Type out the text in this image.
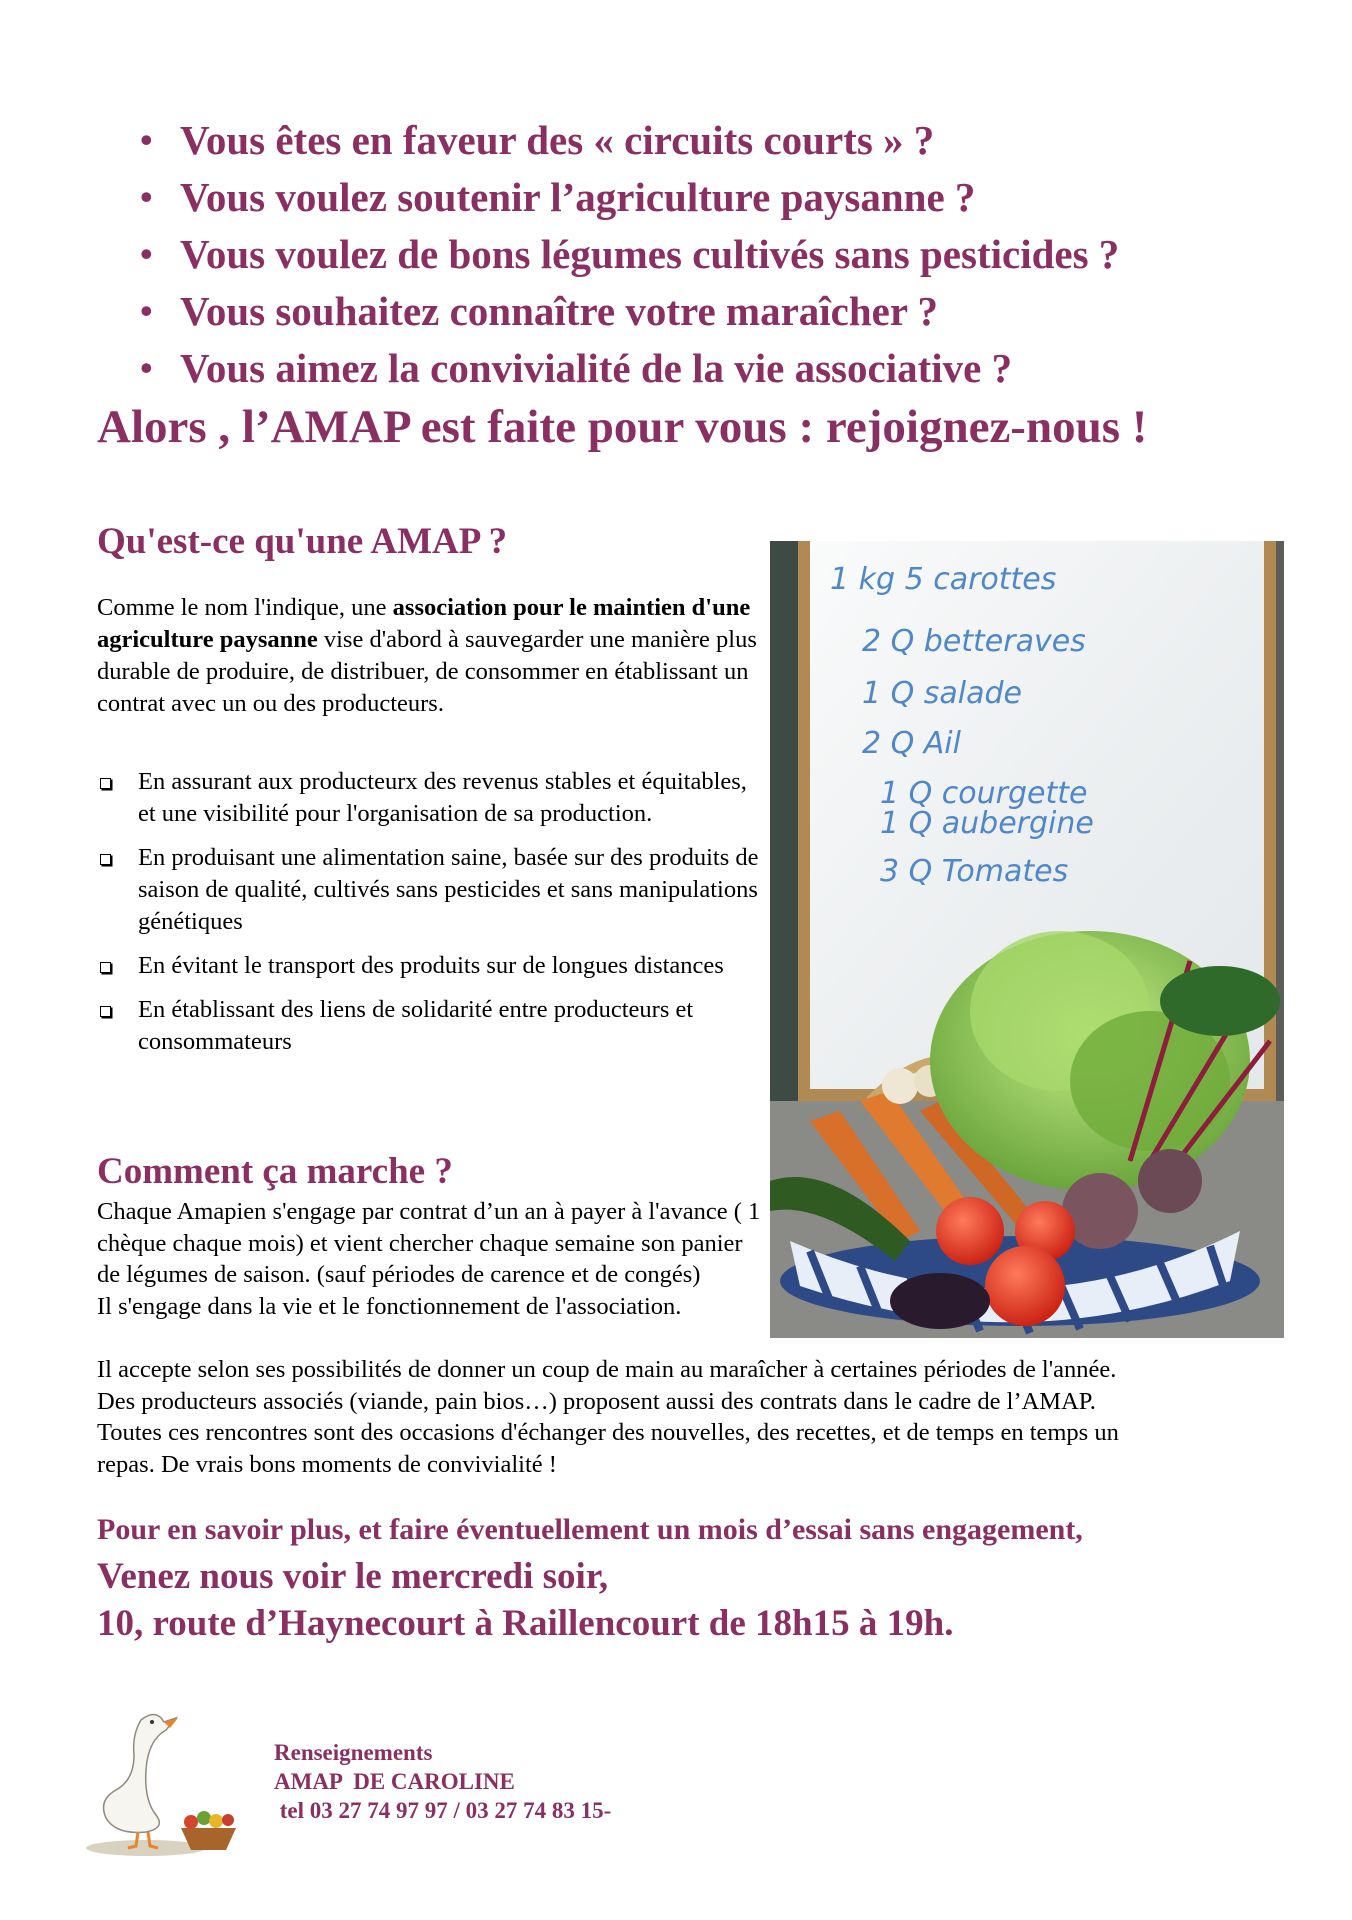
• Vous êtes en faveur des « circuits courts » ?
• Vous voulez soutenir l’agriculture paysanne ?
• Vous voulez de bons légumes cultivés sans pesticides ?
• Vous souhaitez connaître votre maraîcher ?
• Vous aimez la convivialité de la vie associative ?
Alors , l’AMAP est faite pour vous : rejoignez-nous !
Qu'est-ce qu'une AMAP ?

Comme le nom l'indique, une association pour le maintien d'une agriculture paysanne vise d'abord à sauvegarder une manière plus durable de produire, de distribuer, de consommer en établissant un contrat avec un ou des producteurs.

En assurant aux producteurx des revenus stables et équitables, et une visibilité pour l'organisation de sa production.
En produisant une alimentation saine, basée sur des produits de saison de qualité, cultivés sans pesticides et sans manipulations génétiques
En évitant le transport des produits sur de longues distances
En établissant des liens de solidarité entre producteurs et consommateurs
1 kg 5 carottes
2 Q betteraves
1 Q salade
2 Q Ail
1 Q courgette
1 Q aubergine
3 Q Tomates
Comment ça marche ?
Chaque Amapien s'engage par contrat d’un an à payer à l'avance ( 1 chèque chaque mois) et vient chercher chaque semaine son panier de légumes de saison. (sauf périodes de carence et de congés)
Il s'engage dans la vie et le fonctionnement de l'association.
Il accepte selon ses possibilités de donner un coup de main au maraîcher à certaines périodes de l'année.
Des producteurs associés (viande, pain bios…) proposent aussi des contrats dans le cadre de l’AMAP.
Toutes ces rencontres sont des occasions d'échanger des nouvelles, des recettes, et de temps en temps un
repas. De vrais bons moments de convivialité !
Pour en savoir plus, et faire éventuellement un mois d’essai sans engagement,
Venez nous voir le mercredi soir,
10, route d’Haynecourt à Raillencourt de 18h15 à 19h.
Renseignements
AMAP  DE CAROLINE
tel 03 27 74 97 97 / 03 27 74 83 15-
